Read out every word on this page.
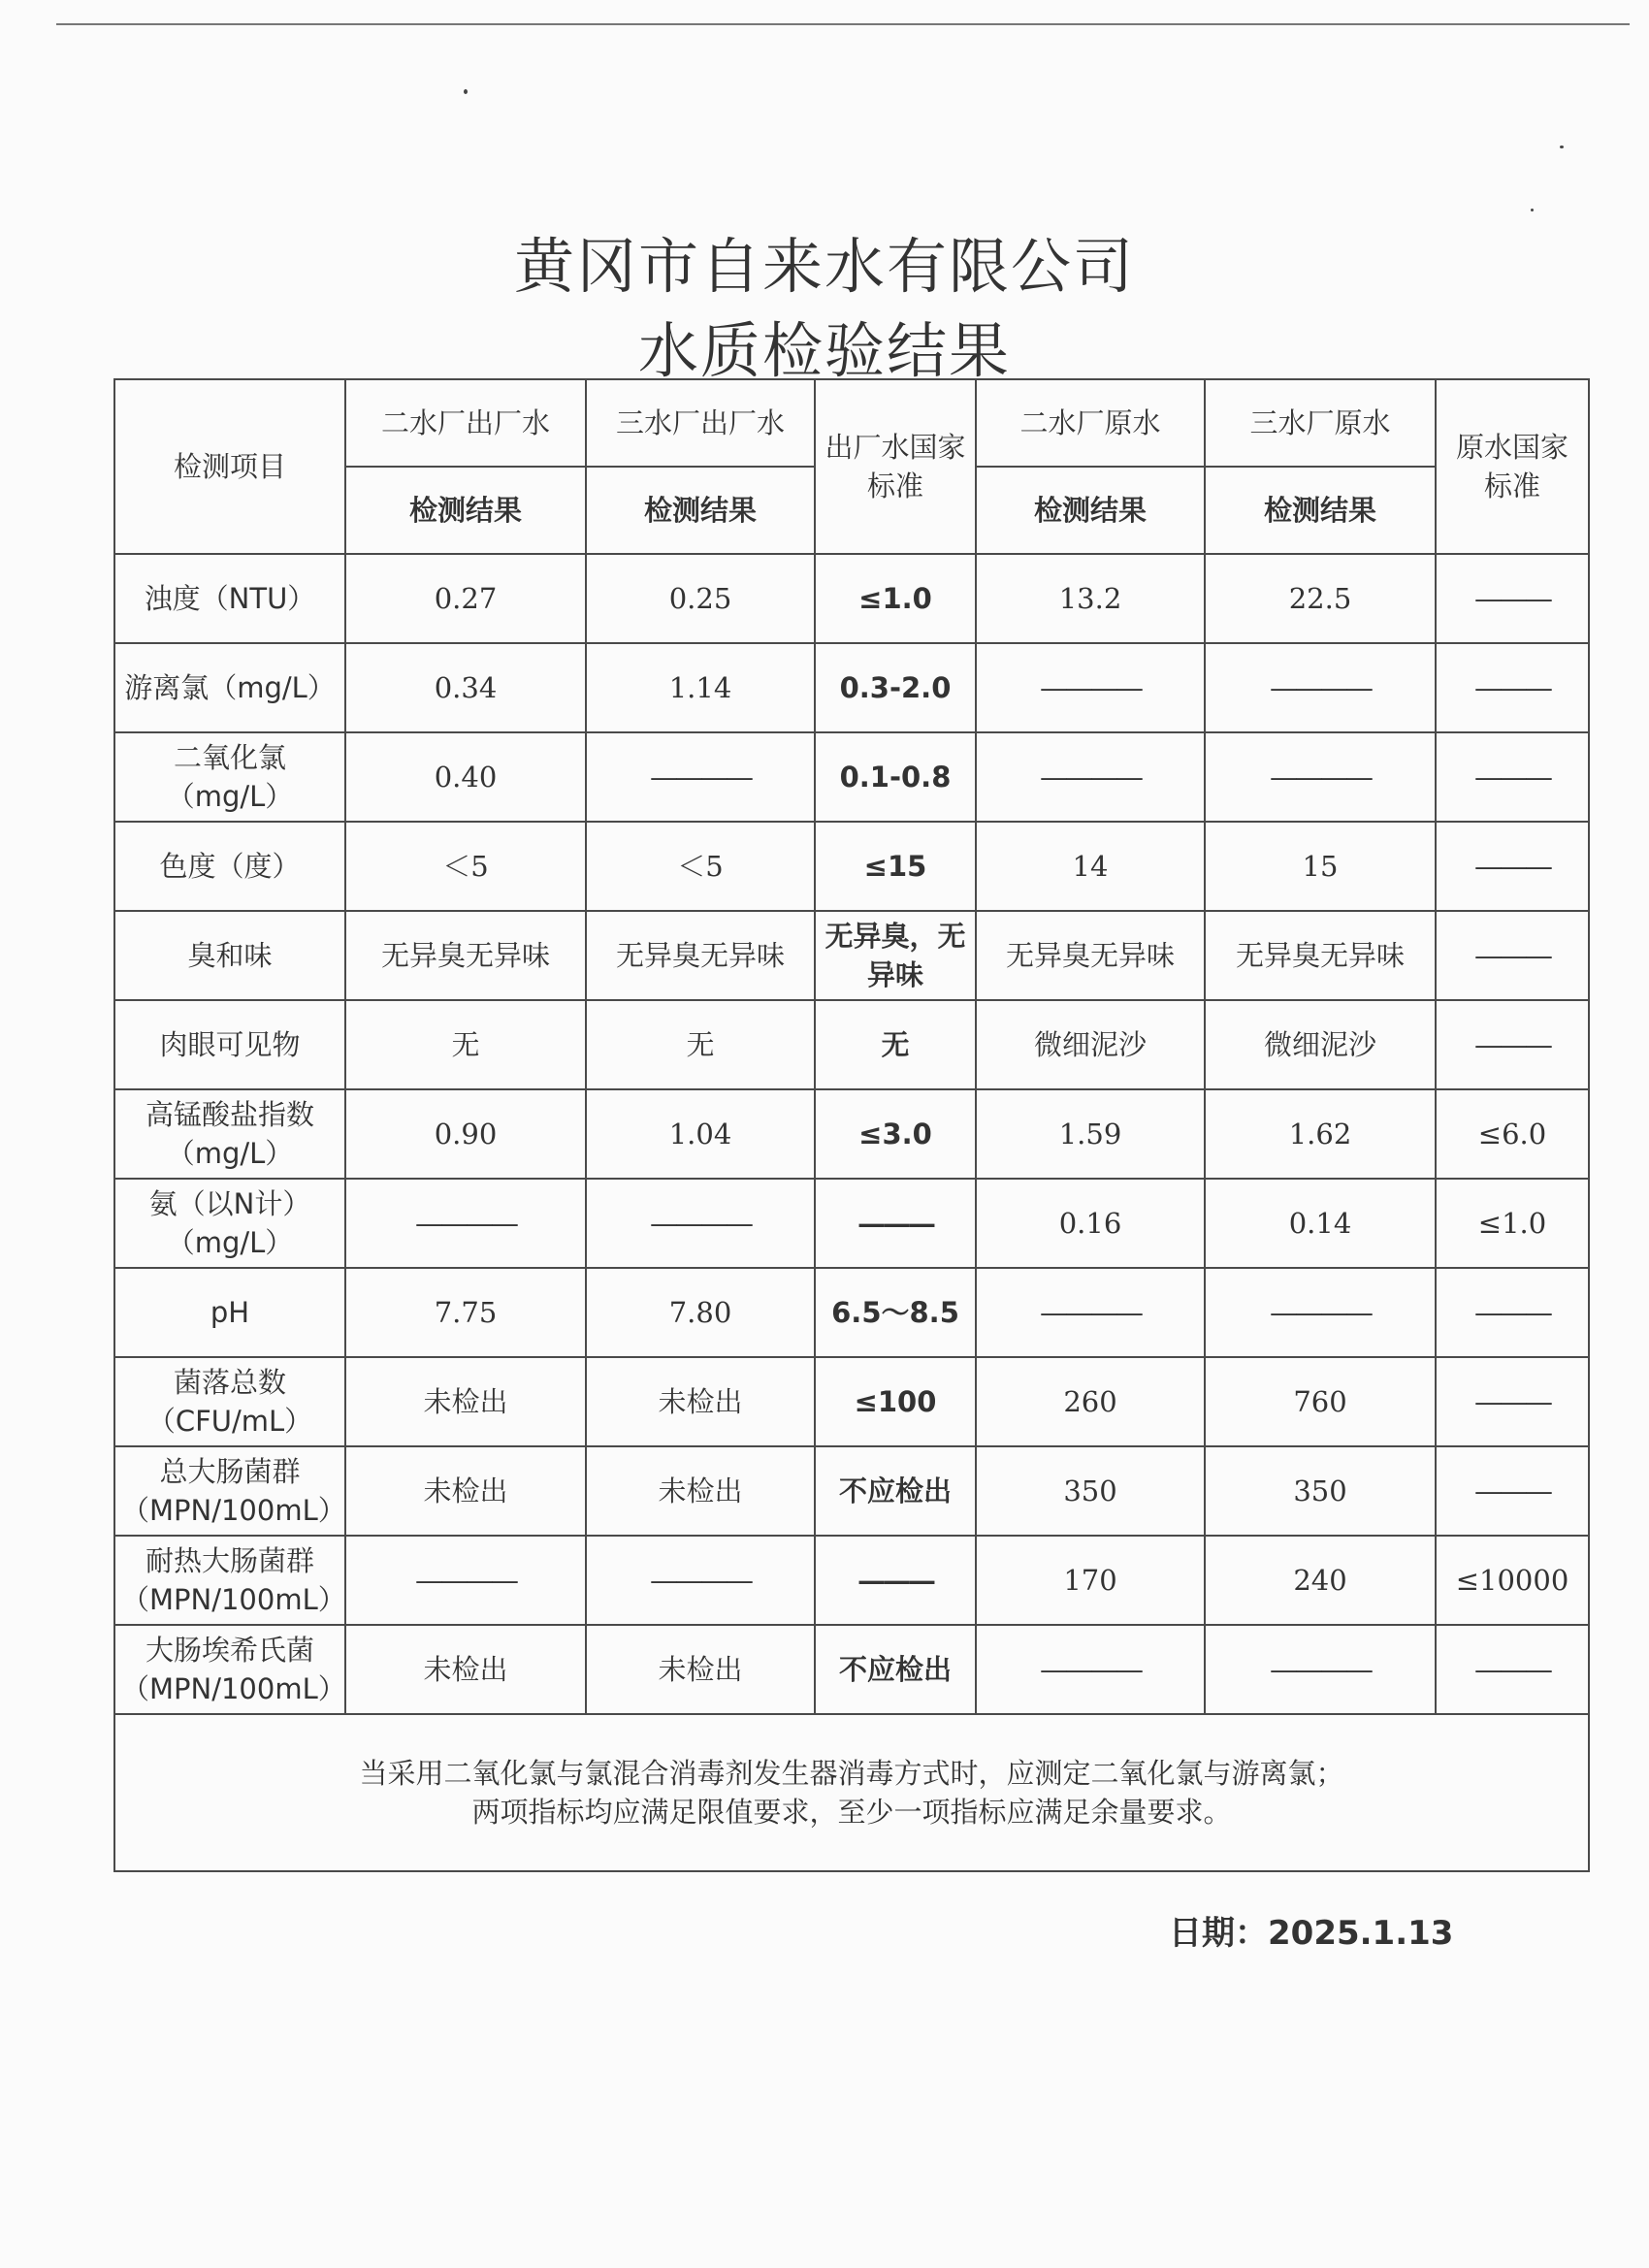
黄冈市自来水有限公司
水质检验结果
检测项目	二水厂出厂水	三水厂出厂水	出厂水国家标准	二水厂原水	三水厂原水	原水国家标准
	检测结果	检测结果		检测结果	检测结果	
浊度（NTU）	0.27	0.25	≤1.0	13.2	22.5	———
游离氯（mg/L）	0.34	1.14	0.3-2.0	————	————	———
二氧化氯（mg/L）	0.40	————	0.1-0.8	————	————	———
色度（度）	＜5	＜5	≤15	14	15	———
臭和味	无异臭无异味	无异臭无异味	无异臭，无异味	无异臭无异味	无异臭无异味	———
肉眼可见物	无	无	无	微细泥沙	微细泥沙	———
高锰酸盐指数（mg/L）	0.90	1.04	≤3.0	1.59	1.62	≤6.0
氨（以N计）（mg/L）	————	————	———	0.16	0.14	≤1.0
pH	7.75	7.80	6.5～8.5	————	————	———
菌落总数（CFU/mL）	未检出	未检出	≤100	260	760	———
总大肠菌群（MPN/100mL）	未检出	未检出	不应检出	350	350	———
耐热大肠菌群（MPN/100mL）	————	————	———	170	240	≤10000
大肠埃希氏菌（MPN/100mL）	未检出	未检出	不应检出	————	————	———

当采用二氧化氯与氯混合消毒剂发生器消毒方式时，应测定二氧化氯与游离氯；
两项指标均应满足限值要求，至少一项指标应满足余量要求。						
日期：2025.1.13
